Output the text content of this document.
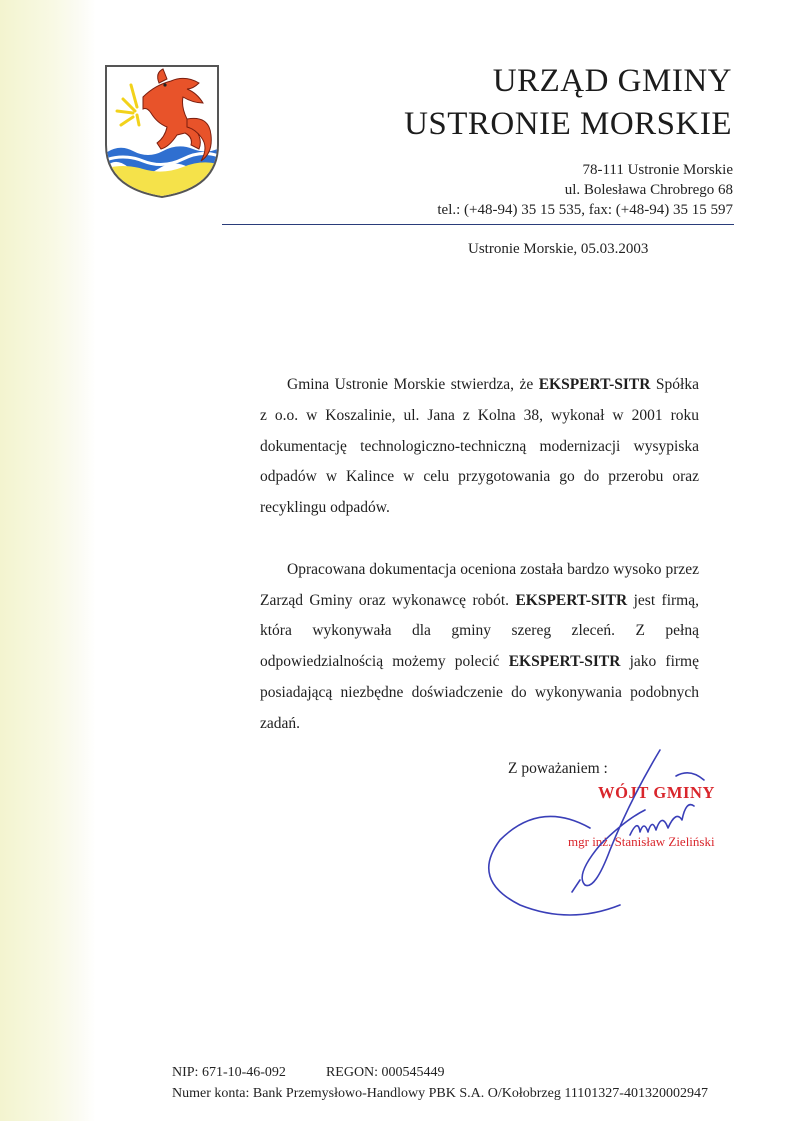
URZĄD GMINY
USTRONIE MORSKIE
78-111 Ustronie Morskie
ul. Bolesława Chrobrego 68
tel.: (+48-94) 35 15 535, fax: (+48-94) 35 15 597
Ustronie Morskie, 05.03.2003

Gmina Ustronie Morskie stwierdza, że EKSPERT-SITR Spółka z o.o. w Koszalinie, ul. Jana z Kolna 38, wykonał w 2001 roku dokumentację technologiczno-techniczną modernizacji wysypiska odpadów w Kalince w celu przygotowania go do przerobu oraz recyklingu odpadów.

Opracowana dokumentacja oceniona została bardzo wysoko przez Zarząd Gminy oraz wykonawcę robót. EKSPERT-SITR jest firmą, która wykonywała dla gminy szereg zleceń. Z pełną odpowiedzialnością możemy polecić EKSPERT-SITR jako firmę posiadającą niezbędne doświadczenie do wykonywania podobnych zadań.

Z poważaniem :
WÓJT GMINY
mgr inż. Stanisław Zieliński
NIP: 671-10-46-092	REGON: 000545449
Numer konta: Bank Przemysłowo-Handlowy PBK S.A. O/Kołobrzeg 11101327-401320002947
